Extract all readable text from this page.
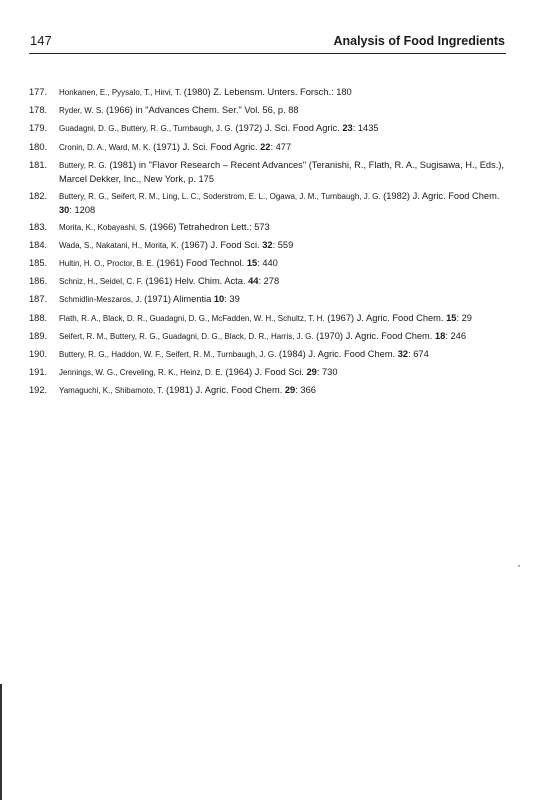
147	Analysis of Food Ingredients
177. Honkanen, E., Pyysalo, T., Hirvi, T. (1980) Z. Lebensm. Unters. Forsch.: 180
178. Ryder, W. S. (1966) in "Advances Chem. Ser." Vol. 56, p. 88
179. Guadagni, D. G., Buttery, R. G., Turnbaugh, J. G. (1972) J. Sci. Food Agric. 23: 1435
180. Cronin, D. A., Ward, M. K. (1971) J. Sci. Food Agric. 22: 477
181. Buttery, R. G. (1981) in "Flavor Research – Recent Advances" (Teranishi, R., Flath, R. A., Sugisawa, H., Eds.), Marcel Dekker, Inc., New York, p. 175
182. Buttery, R. G., Seifert, R. M., Ling, L. C., Soderstrom, E. L., Ogawa, J. M., Turnbaugh, J. G. (1982) J. Agric. Food Chem. 30: 1208
183. Morita, K., Kobayashi, S. (1966) Tetrahedron Lett.: 573
184. Wada, S., Nakatani, H., Morita, K. (1967) J. Food Sci. 32: 559
185. Hultin, H. O., Proctor, B. E. (1961) Food Technol. 15: 440
186. Schniz, H., Seidel, C. F. (1961) Helv. Chim. Acta. 44: 278
187. Schmidlin-Meszaros, J. (1971) Alimentia 10: 39
188. Flath, R. A., Black, D. R., Guadagni, D. G., McFadden, W. H., Schultz, T. H. (1967) J. Agric. Food Chem. 15: 29
189. Seifert, R. M., Buttery, R. G., Guadagni, D. G., Black, D. R., Harris, J. G. (1970) J. Agric. Food Chem. 18: 246
190. Buttery, R. G., Haddon, W. F., Seifert, R. M., Turnbaugh, J. G. (1984) J. Agric. Food Chem. 32: 674
191. Jennings, W. G., Creveling, R. K., Heinz, D. E. (1964) J. Food Sci. 29: 730
192. Yamaguchi, K., Shibamoto, T. (1981) J. Agric. Food Chem. 29: 366
